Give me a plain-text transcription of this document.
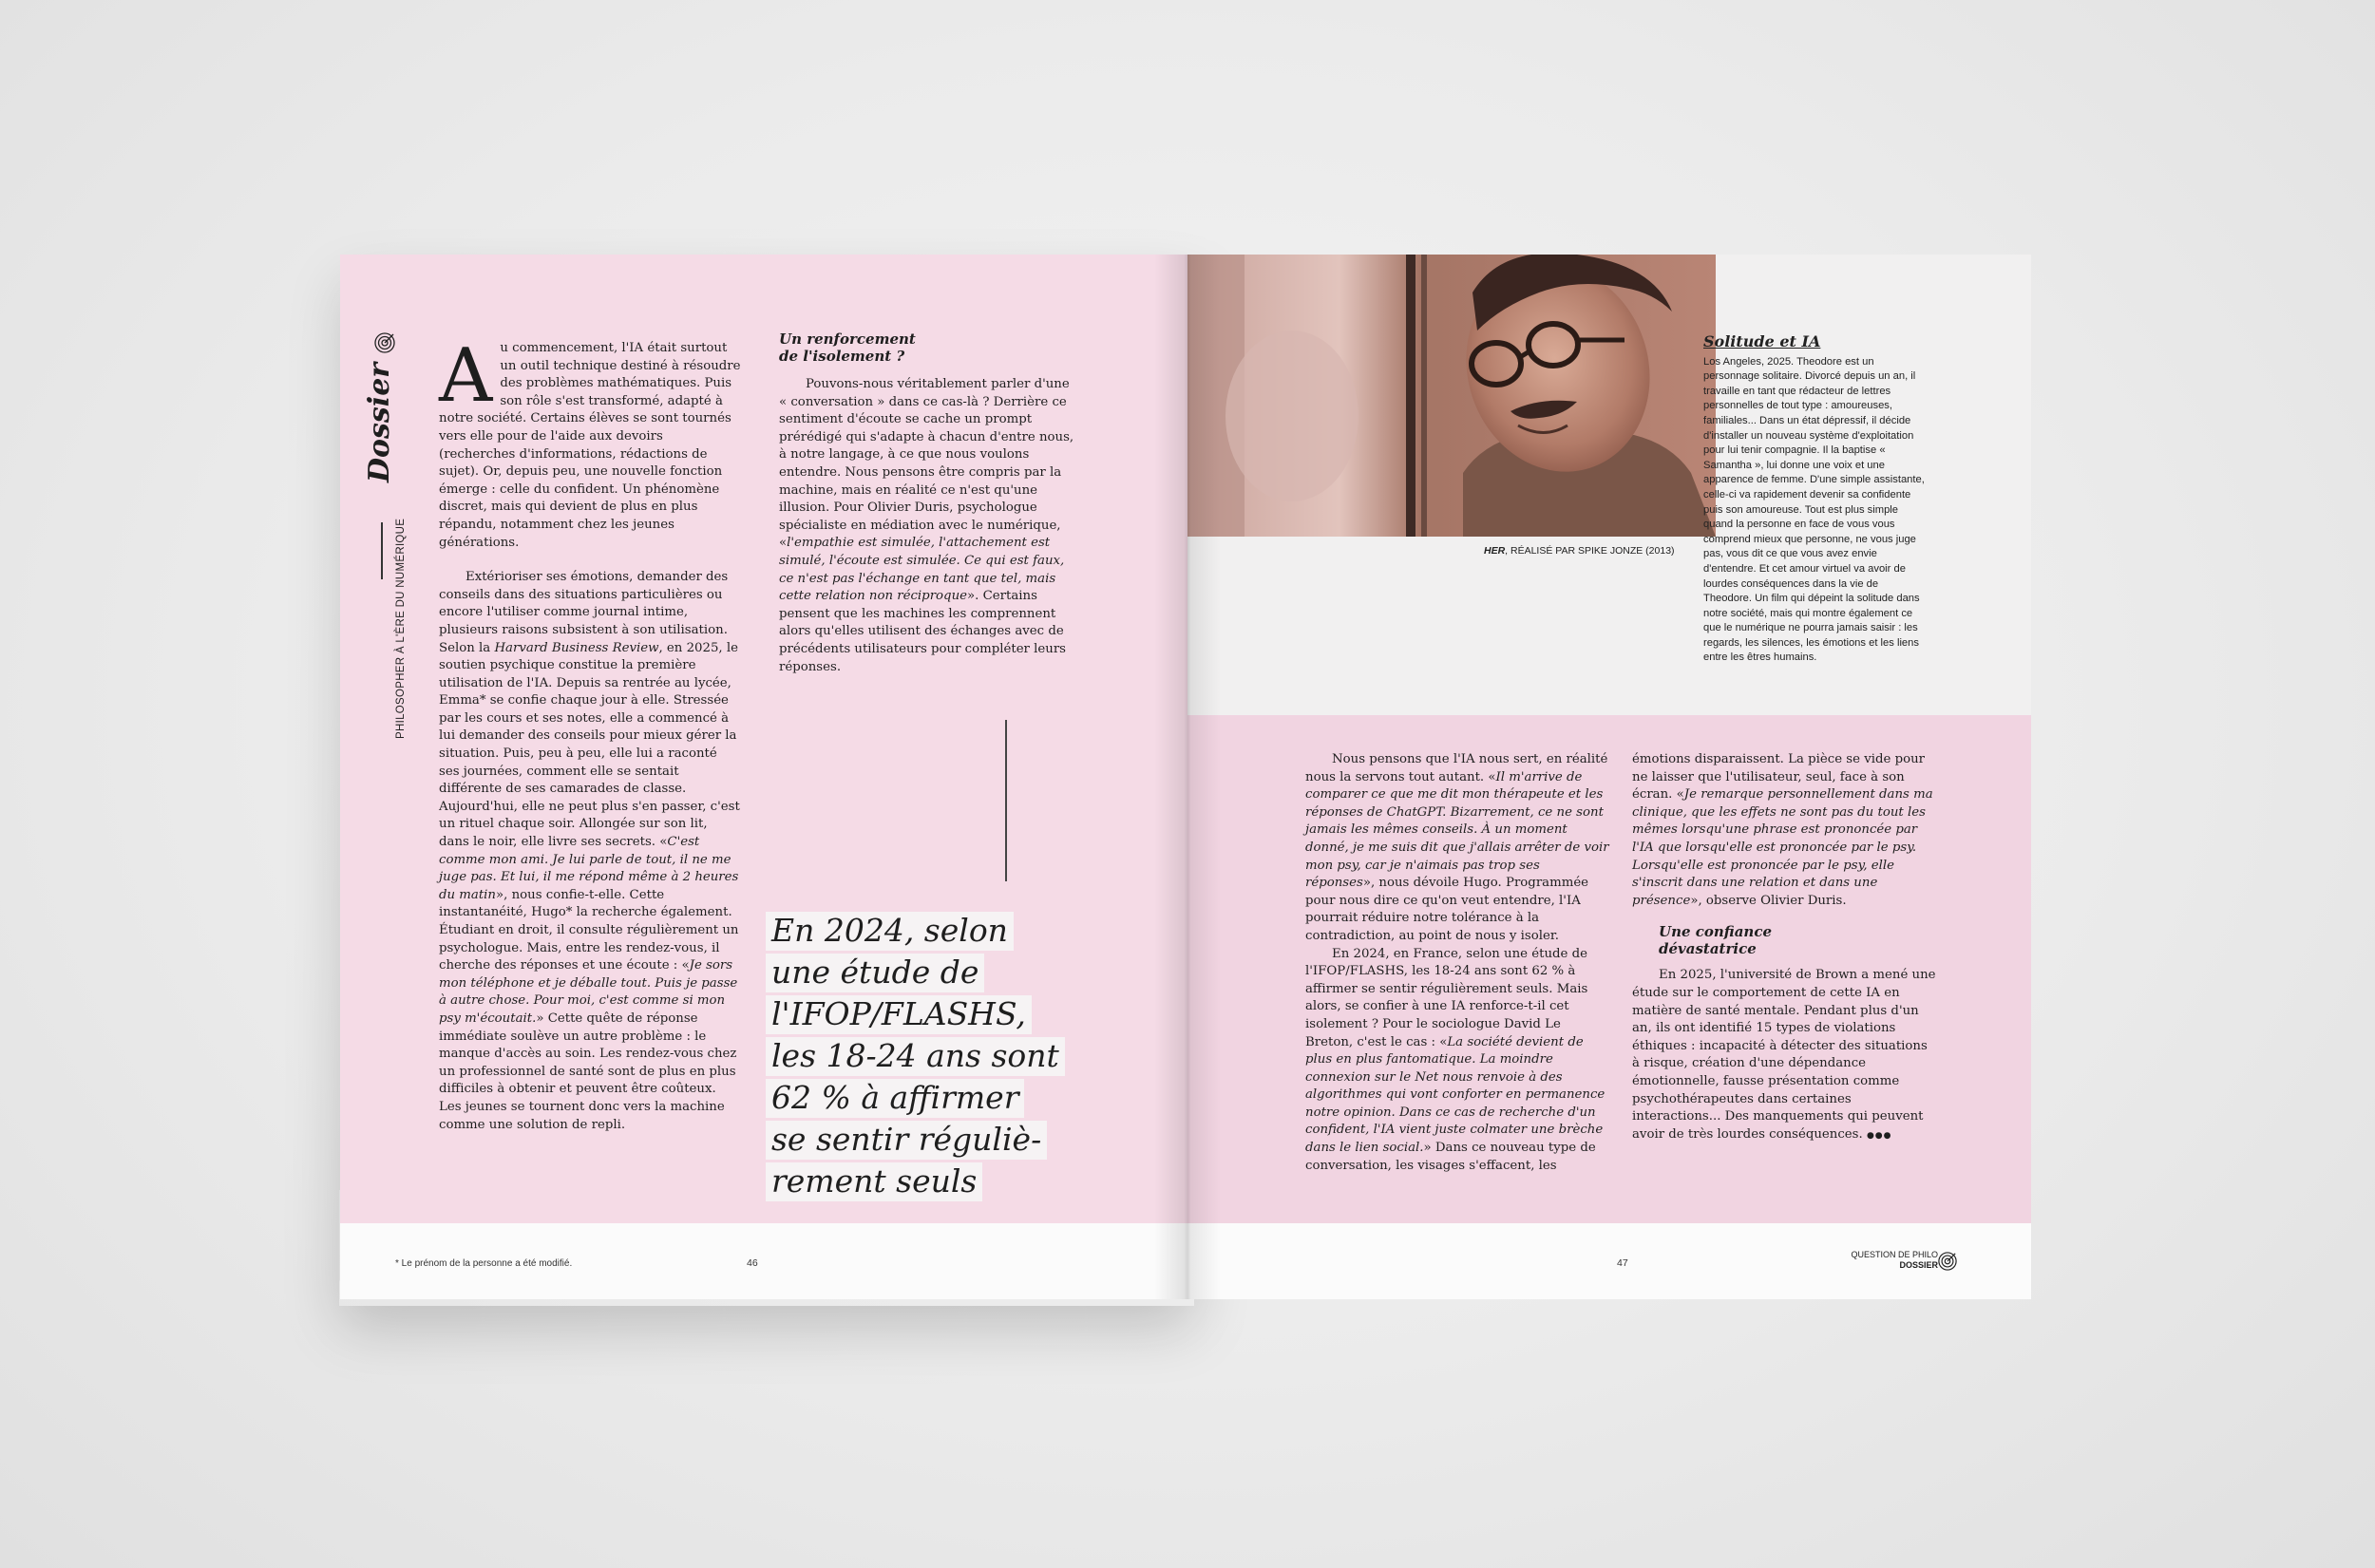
Dossier
PHILOSOPHER À L'ÈRE DU NUMÉRIQUE

Au commencement, l'IA était surtout un outil technique destiné à résoudre des problèmes mathématiques. Puis son rôle s'est transformé, adapté à notre société. Certains élèves se sont tournés vers elle pour de l'aide aux devoirs (recherches d'informations, rédactions de sujet). Or, depuis peu, une nouvelle fonction émerge : celle du confident. Un phénomène discret, mais qui devient de plus en plus répandu, notamment chez les jeunes générations.

Extérioriser ses émotions, demander des conseils dans des situations particulières ou encore l'utiliser comme journal intime, plusieurs raisons subsistent à son utilisation. Selon la Harvard Business Review, en 2025, le soutien psychique constitue la première utilisation de l'IA. Depuis sa rentrée au lycée, Emma* se confie chaque jour à elle. Stressée par les cours et ses notes, elle a commencé à lui demander des conseils pour mieux gérer la situation. Puis, peu à peu, elle lui a raconté ses journées, comment elle se sentait différente de ses camarades de classe. Aujourd'hui, elle ne peut plus s'en passer, c'est un rituel chaque soir. Allongée sur son lit, dans le noir, elle livre ses secrets. «C'est comme mon ami. Je lui parle de tout, il ne me juge pas. Et lui, il me répond même à 2 heures du matin», nous confie-t-elle. Cette instantanéité, Hugo* la recherche également. Étudiant en droit, il consulte régulièrement un psychologue. Mais, entre les rendez-vous, il cherche des réponses et une écoute : «Je sors mon téléphone et je déballe tout. Puis je passe à autre chose. Pour moi, c'est comme si mon psy m'écoutait.» Cette quête de réponse immédiate soulève un autre problème : le manque d'accès au soin. Les rendez-vous chez un professionnel de santé sont de plus en plus difficiles à obtenir et peuvent être coûteux. Les jeunes se tournent donc vers la machine comme une solution de repli.

Un renforcement
de l'isolement ?

Pouvons-nous véritablement parler d'une « conversation » dans ce cas-là ? Derrière ce sentiment d'écoute se cache un prompt prérédigé qui s'adapte à chacun d'entre nous, à notre langage, à ce que nous voulons entendre. Nous pensons être compris par la machine, mais en réalité ce n'est qu'une illusion. Pour Olivier Duris, psychologue spécialiste en médiation avec le numérique, «l'empathie est simulée, l'attachement est simulé, l'écoute est simulée. Ce qui est faux, ce n'est pas l'échange en tant que tel, mais cette relation non réciproque». Certains pensent que les machines les comprennent alors qu'elles utilisent des échanges avec de précédents utilisateurs pour compléter leurs réponses.

En 2024, selon
une étude de
l'IFOP/FLASHS,
les 18-24 ans sont
62 % à affirmer
se sentir réguliè-
rement seuls
* Le prénom de la personne a été modifié.	46
HER, RÉALISÉ PAR SPIKE JONZE (2013)
Solitude et IA

Los Angeles, 2025. Theodore est un personnage solitaire. Divorcé depuis un an, il travaille en tant que rédacteur de lettres personnelles de tout type : amoureuses, familiales... Dans un état dépressif, il décide d'installer un nouveau système d'exploitation pour lui tenir compagnie. Il la baptise « Samantha », lui donne une voix et une apparence de femme. D'une simple assistante, celle-ci va rapidement devenir sa confidente puis son amoureuse. Tout est plus simple quand la personne en face de vous vous comprend mieux que personne, ne vous juge pas, vous dit ce que vous avez envie d'entendre. Et cet amour virtuel va avoir de lourdes conséquences dans la vie de Theodore. Un film qui dépeint la solitude dans notre société, mais qui montre également ce que le numérique ne pourra jamais saisir : les regards, les silences, les émotions et les liens entre les êtres humains.

Nous pensons que l'IA nous sert, en réalité nous la servons tout autant. «Il m'arrive de comparer ce que me dit mon thérapeute et les réponses de ChatGPT. Bizarrement, ce ne sont jamais les mêmes conseils. À un moment donné, je me suis dit que j'allais arrêter de voir mon psy, car je n'aimais pas trop ses réponses», nous dévoile Hugo. Programmée pour nous dire ce qu'on veut entendre, l'IA pourrait réduire notre tolérance à la contradiction, au point de nous y isoler.

En 2024, en France, selon une étude de l'IFOP/FLASHS, les 18-24 ans sont 62 % à affirmer se sentir régulièrement seuls. Mais alors, se confier à une IA renforce-t-il cet isolement ? Pour le sociologue David Le Breton, c'est le cas : «La société devient de plus en plus fantomatique. La moindre connexion sur le Net nous renvoie à des algorithmes qui vont conforter en permanence notre opinion. Dans ce cas de recherche d'un confident, l'IA vient juste colmater une brèche dans le lien social.» Dans ce nouveau type de conversation, les visages s'effacent, les

émotions disparaissent. La pièce se vide pour ne laisser que l'utilisateur, seul, face à son écran. «Je remarque personnellement dans ma clinique, que les effets ne sont pas du tout les mêmes lorsqu'une phrase est prononcée par l'IA que lorsqu'elle est prononcée par le psy. Lorsqu'elle est prononcée par le psy, elle s'inscrit dans une relation et dans une présence», observe Olivier Duris.

Une confiance
dévastatrice

En 2025, l'université de Brown a mené une étude sur le comportement de cette IA en matière de santé mentale. Pendant plus d'un an, ils ont identifié 15 types de violations éthiques : incapacité à détecter des situations à risque, création d'une dépendance émotionnelle, fausse présentation comme psychothérapeutes dans certaines interactions... Des manquements qui peuvent avoir de très lourdes conséquences. ●●●

47
QUESTION DE PHILO
DOSSIER
